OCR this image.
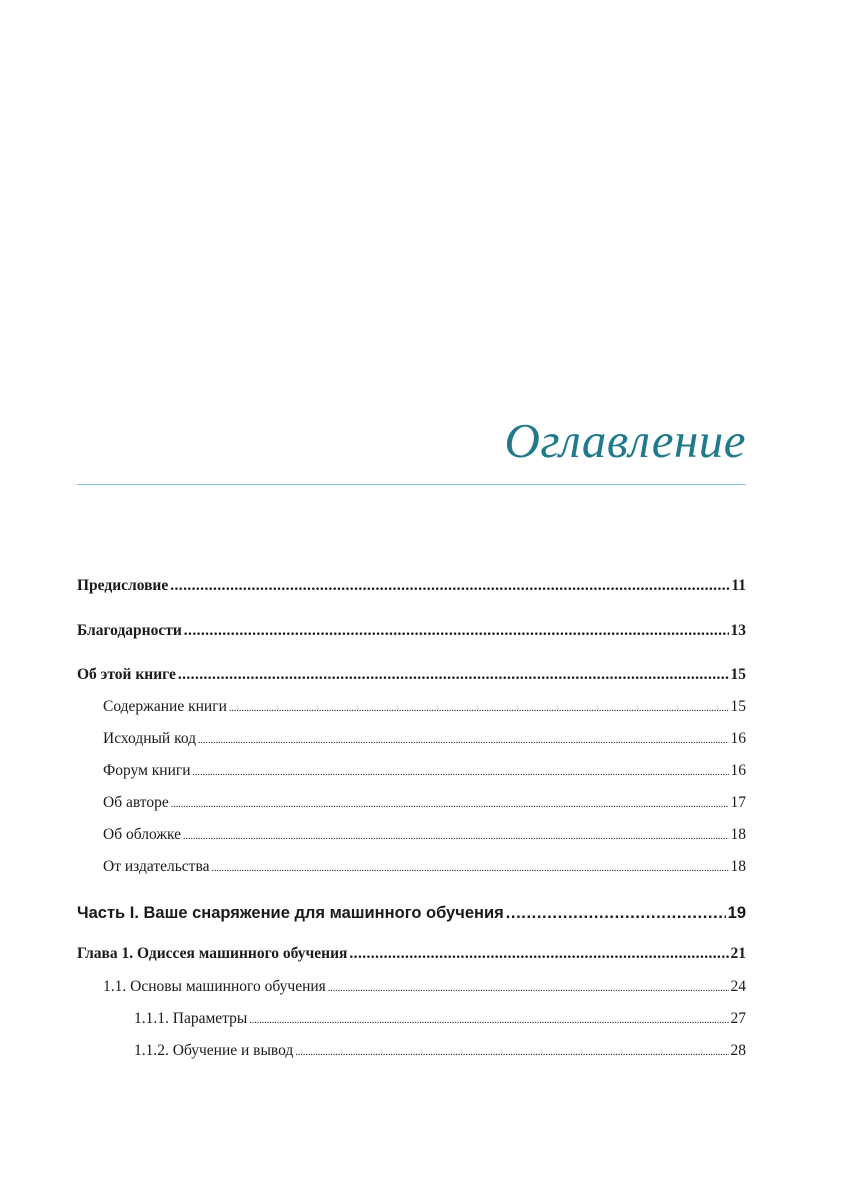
Оглавление
Предисловие .....	11
Благодарности .....	13
Об этой книге .....	15
Содержание книги .....	15
Исходный код .....	16
Форум книги .....	16
Об авторе .....	17
Об обложке .....	18
От издательства .....	18
Часть I. Ваше снаряжение для машинного обучения .....	19
Глава 1. Одиссея машинного обучения .....	21
1.1. Основы машинного обучения .....	24
1.1.1. Параметры .....	27
1.1.2. Обучение и вывод .....	28
